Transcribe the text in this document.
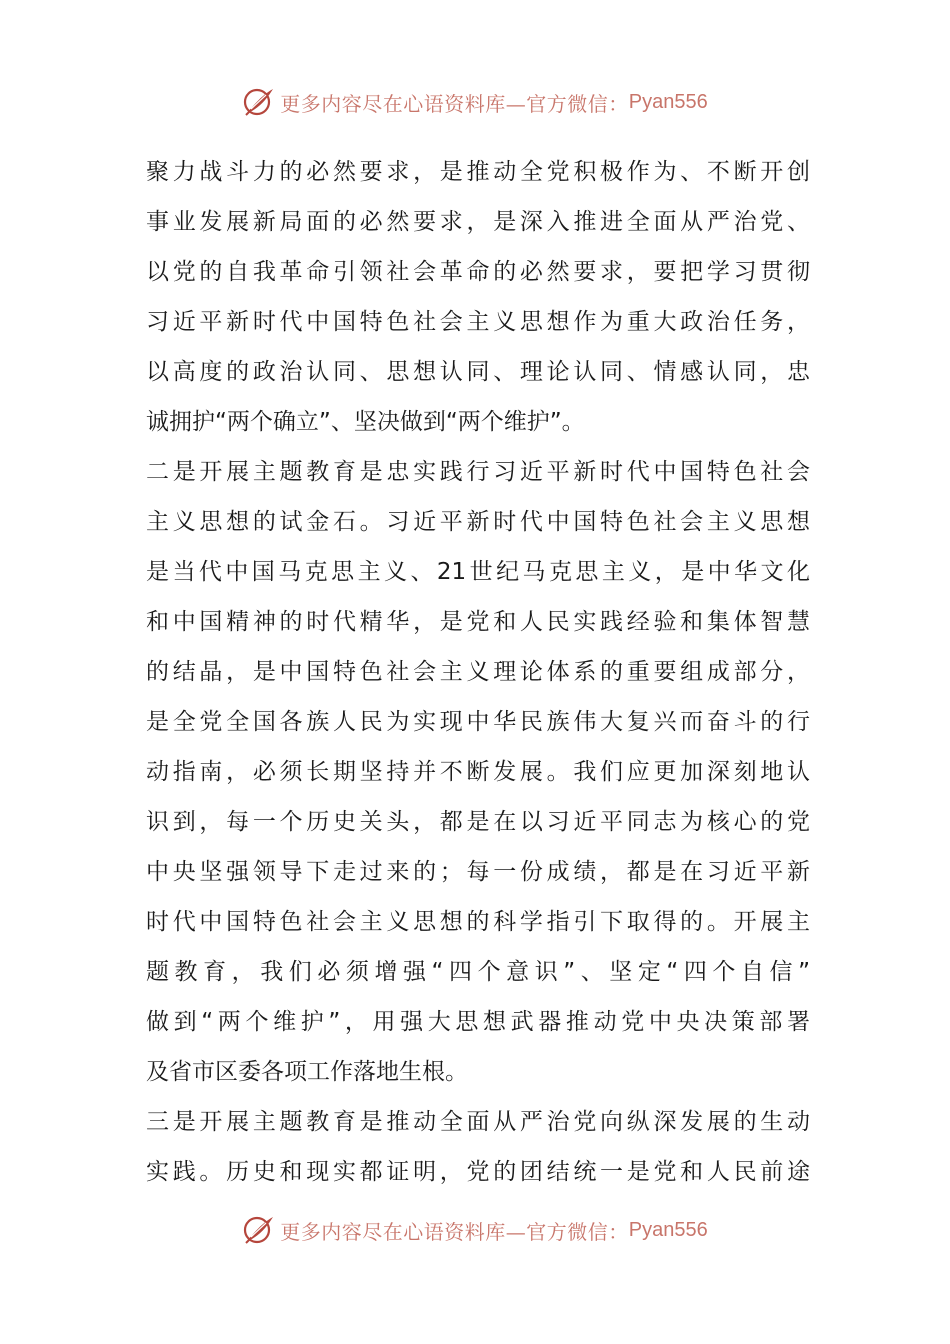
更多内容尽在心语资料库—官方微信： Pyan556
聚力战斗力的必然要求，是推动全党积极作为、不断开创
事业发展新局面的必然要求，是深入推进全面从严治党、
以党的自我革命引领社会革命的必然要求，要把学习贯彻
习近平新时代中国特色社会主义思想作为重大政治任务，
以高度的政治认同、思想认同、理论认同、情感认同，忠
诚拥护“两个确立”、坚决做到“两个维护”。
二是开展主题教育是忠实践行习近平新时代中国特色社会
主义思想的试金石。习近平新时代中国特色社会主义思想
是当代中国马克思主义、21世纪马克思主义，是中华文化
和中国精神的时代精华，是党和人民实践经验和集体智慧
的结晶，是中国特色社会主义理论体系的重要组成部分，
是全党全国各族人民为实现中华民族伟大复兴而奋斗的行
动指南，必须长期坚持并不断发展。我们应更加深刻地认
识到，每一个历史关头，都是在以习近平同志为核心的党
中央坚强领导下走过来的；每一份成绩，都是在习近平新
时代中国特色社会主义思想的科学指引下取得的。开展主
题教育，我们必须增强“四个意识”、坚定“四个自信”
做到“两个维护”，用强大思想武器推动党中央决策部署
及省市区委各项工作落地生根。
三是开展主题教育是推动全面从严治党向纵深发展的生动
实践。历史和现实都证明，党的团结统一是党和人民前途
更多内容尽在心语资料库—官方微信： Pyan556
